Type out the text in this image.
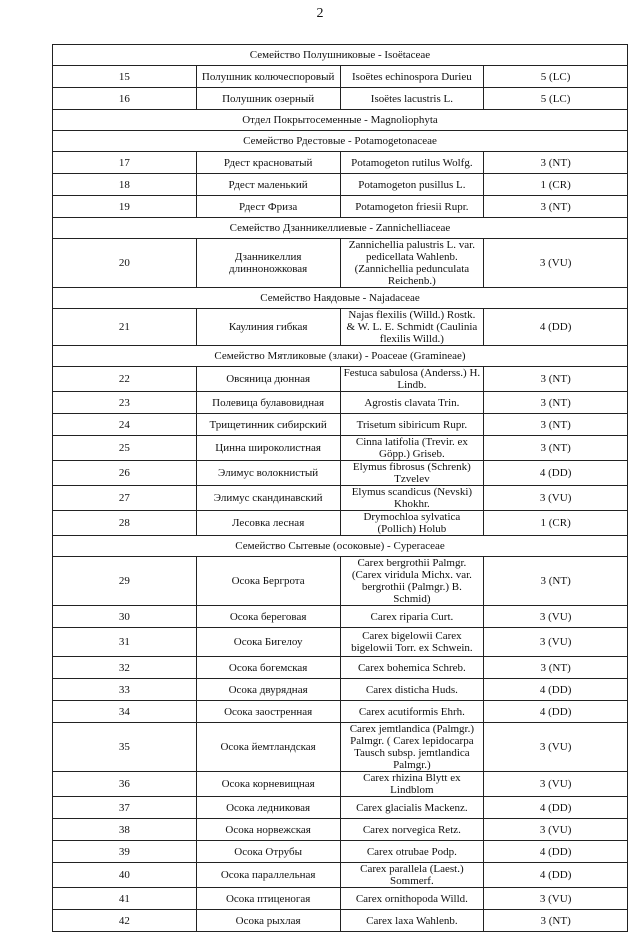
2
Семейство Полушниковые - Isoëtaceae			
15	Полушник колючеспоровый	Isoëtes echinospora Durieu	5 (LC)
16	Полушник озерный	Isoëtes lacustris L.	5 (LC)
Отдел Покрытосеменные - Magnoliophyta			
Семейство Рдестовые - Potamogetonaceae			
17	Рдест красноватый	Potamogeton rutilus Wolfg.	3 (NT)
18	Рдест маленький	Potamogeton pusillus L.	1 (CR)
19	Рдест Фриза	Potamogeton friesii Rupr.	3 (NT)
Семейство Дзанникеллиевые - Zannichelliaceae			
20	Дзанникеллия длинноножковая	Zannichellia palustris L. var. pedicellata Wahlenb. (Zannichellia pedunculata Reichenb.)	3 (VU)
Семейство Наядовые - Najadaceae			
21	Каулиния гибкая	Najas flexilis (Willd.) Rostk. & W. L. E. Schmidt (Caulinia flexilis Willd.)	4 (DD)
Семейство Мятликовые (злаки) - Poaceae (Gramineae)			
22	Овсяница дюнная	Festuca sabulosa (Anderss.) H. Lindb.	3 (NT)
23	Полевица булавовидная	Agrostis clavata Trin.	3 (NT)
24	Трищетинник сибирский	Trisetum sibiricum Rupr.	3 (NT)
25	Цинна широколистная	Cinna latifolia (Trevir. ex Göpp.) Griseb.	3 (NT)
26	Элимус волокнистый	Elymus fibrosus (Schrenk) Tzvelev	4 (DD)
27	Элимус скандинавский	Elymus scandicus (Nevski) Khokhr.	3 (VU)
28	Лесовка лесная	Drymochloa sylvatica (Pollich) Holub	1 (CR)
Семейство Сытевые (осоковые) - Cyperaceae			
29	Осока Бергрота	Carex bergrothii Palmgr. (Carex viridula Michx. var. bergrothii (Palmgr.) B. Schmid)	3 (NT)
30	Осока береговая	Carex riparia Curt.	3 (VU)
31	Осока Бигелоу	Carex bigelowii Carex bigelowii Torr. ex Schwein.	3 (VU)
32	Осока богемская	Carex bohemica Schreb.	3 (NT)
33	Осока двурядная	Carex disticha Huds.	4 (DD)
34	Осока заостренная	Carex acutiformis Ehrh.	4 (DD)
35	Осока йемтландская	Carex jemtlandica (Palmgr.) Palmgr. ( Carex lepidocarpa Tausch subsp. jemtlandica Palmgr.)	3 (VU)
36	Осока корневищная	Carex rhizina Blytt ex Lindblom	3 (VU)
37	Осока ледниковая	Carex glacialis Mackenz.	4 (DD)
38	Осока норвежская	Carex norvegica Retz.	3 (VU)
39	Осока Отрубы	Carex otrubae Podp.	4 (DD)
40	Осока параллельная	Carex parallela (Laest.) Sommerf.	4 (DD)
41	Осока птиценогая	Carex ornithopoda Willd.	3 (VU)
42	Осока рыхлая	Carex laxa Wahlenb.	3 (NT)
